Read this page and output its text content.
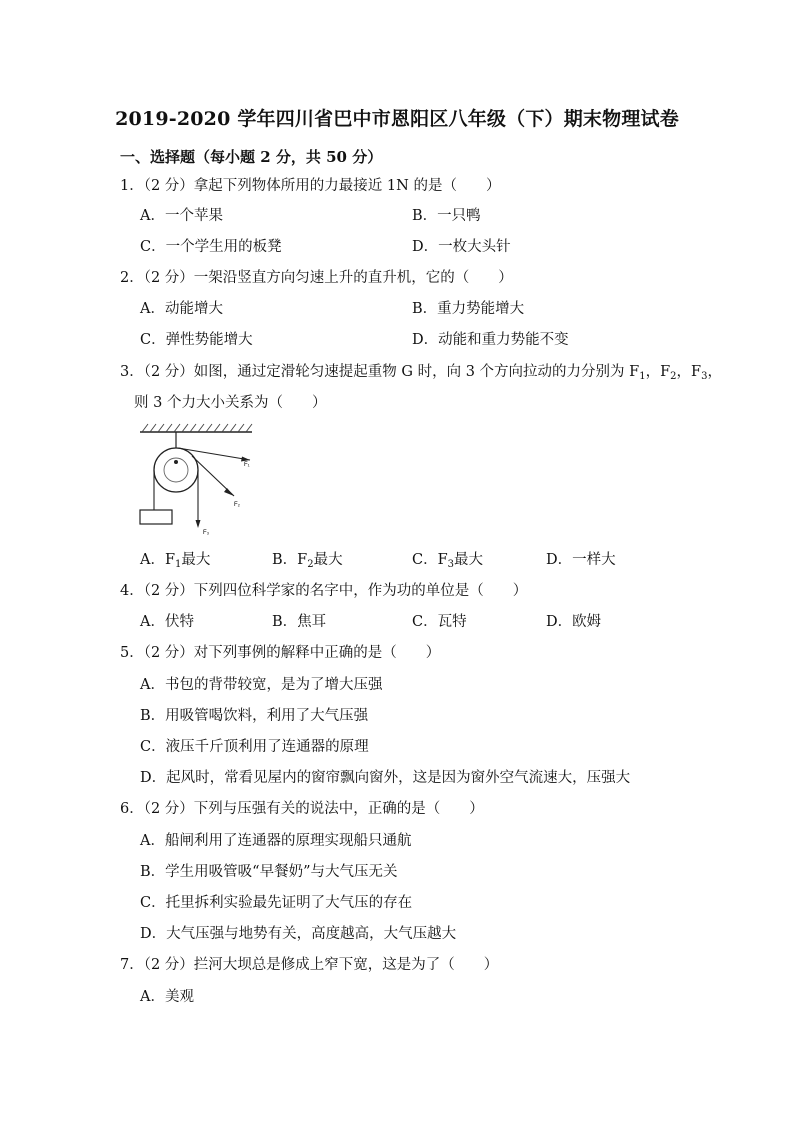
2019-2020 学年四川省巴中市恩阳区八年级（下）期末物理试卷
一、选择题（每小题 2 分，共 50 分）
1．（2 分）拿起下列物体所用的力最接近 1N 的是（　　）
A．一个苹果	B．一只鸭
C．一个学生用的板凳	D．一枚大头针
2．（2 分）一架沿竖直方向匀速上升的直升机，它的（　　）
A．动能增大	B．重力势能增大
C．弹性势能增大	D．动能和重力势能不变
3．（2 分）如图，通过定滑轮匀速提起重物 G 时，向 3 个方向拉动的力分别为 $F_1$，$F_2$，$F_3$，
则 3 个力大小关系为（　　）
F₁
F₂
F₃
A．$F_1$最大	B．$F_2$最大	C．$F_3$最大	D．一样大
4．（2 分）下列四位科学家的名字中，作为功的单位是（　　）
A．伏特	B．焦耳	C．瓦特	D．欧姆
5．（2 分）对下列事例的解释中正确的是（　　）
A．书包的背带较宽，是为了增大压强
B．用吸管喝饮料，利用了大气压强
C．液压千斤顶利用了连通器的原理
D．起风时，常看见屋内的窗帘飘向窗外，这是因为窗外空气流速大，压强大
6．（2 分）下列与压强有关的说法中，正确的是（　　）
A．船闸利用了连通器的原理实现船只通航
B．学生用吸管吸“早餐奶”与大气压无关
C．托里拆利实验最先证明了大气压的存在
D．大气压强与地势有关，高度越高，大气压越大
7．（2 分）拦河大坝总是修成上窄下宽，这是为了（　　）
A．美观
